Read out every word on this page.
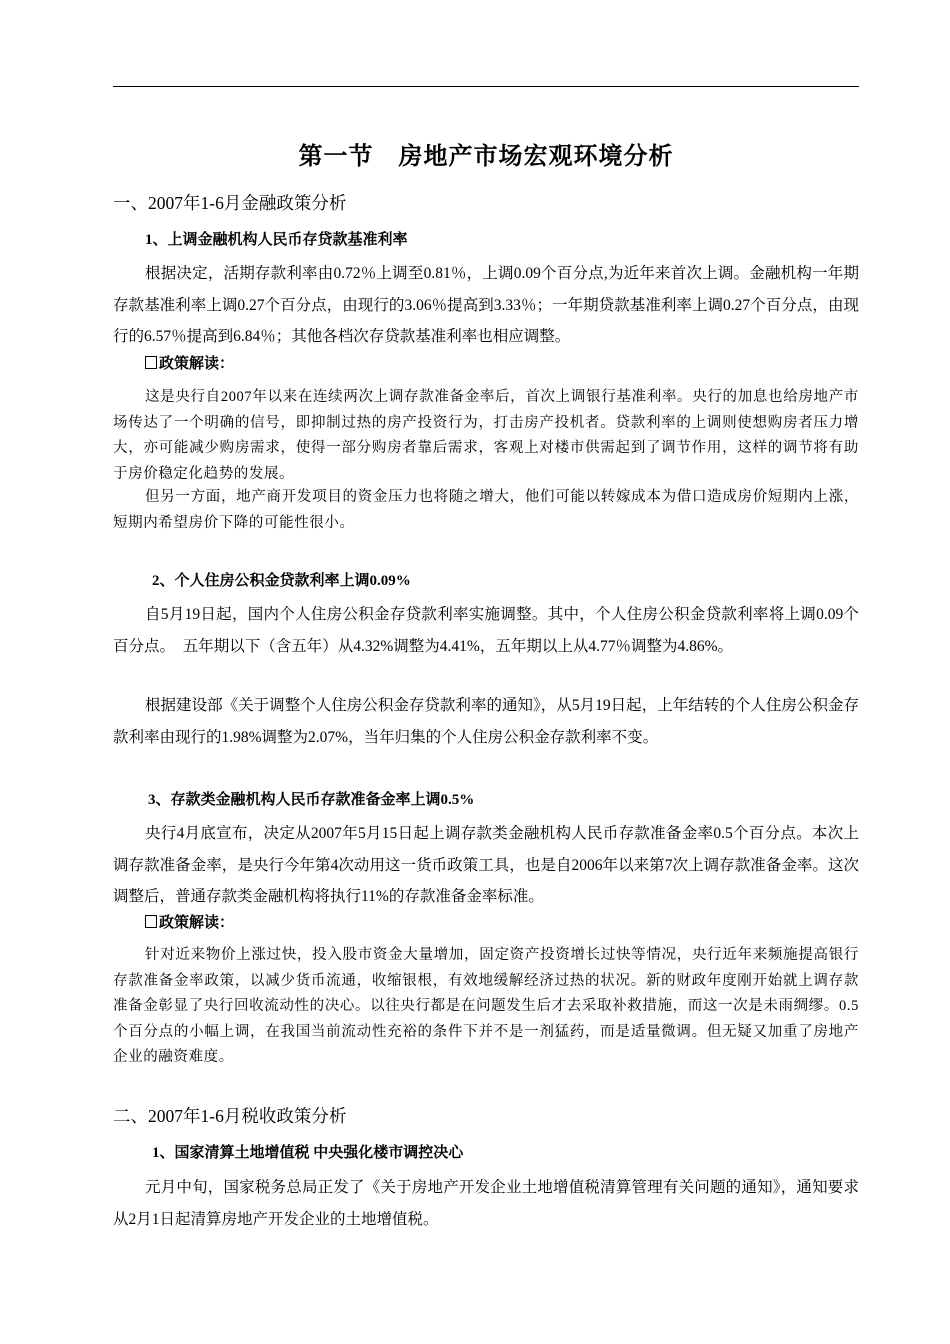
第一节　房地产市场宏观环境分析
一、2007年1-6月金融政策分析
1、上调金融机构人民币存贷款基准利率
根据决定，活期存款利率由0.72％上调至0.81％，上调0.09个百分点,为近年来首次上调。金融机构一年期存款基准利率上调0.27个百分点，由现行的3.06％提高到3.33％；一年期贷款基准利率上调0.27个百分点，由现行的6.57％提高到6.84％；其他各档次存贷款基准利率也相应调整。
政策解读：
这是央行自2007年以来在连续两次上调存款准备金率后，首次上调银行基准利率。央行的加息也给房地产市场传达了一个明确的信号，即抑制过热的房产投资行为，打击房产投机者。贷款利率的上调则使想购房者压力增大，亦可能减少购房需求，使得一部分购房者靠后需求，客观上对楼市供需起到了调节作用，这样的调节将有助于房价稳定化趋势的发展。
但另一方面，地产商开发项目的资金压力也将随之增大，他们可能以转嫁成本为借口造成房价短期内上涨，短期内希望房价下降的可能性很小。
2、个人住房公积金贷款利率上调0.09%
自5月19日起，国内个人住房公积金存贷款利率实施调整。其中，个人住房公积金贷款利率将上调0.09个百分点。　五年期以下（含五年）从4.32%调整为4.41%，五年期以上从4.77％调整为4.86%。
根据建设部《关于调整个人住房公积金存贷款利率的通知》，从5月19日起，上年结转的个人住房公积金存款利率由现行的1.98%调整为2.07%，当年归集的个人住房公积金存款利率不变。
3、存款类金融机构人民币存款准备金率上调0.5%
央行4月底宣布，决定从2007年5月15日起上调存款类金融机构人民币存款准备金率0.5个百分点。本次上调存款准备金率，是央行今年第4次动用这一货币政策工具，也是自2006年以来第7次上调存款准备金率。这次调整后，普通存款类金融机构将执行11%的存款准备金率标准。
政策解读：
针对近来物价上涨过快，投入股市资金大量增加，固定资产投资增长过快等情况，央行近年来频施提高银行存款准备金率政策，以减少货币流通，收缩银根，有效地缓解经济过热的状况。新的财政年度刚开始就上调存款准备金彰显了央行回收流动性的决心。以往央行都是在问题发生后才去采取补救措施，而这一次是未雨绸缪。0.5个百分点的小幅上调，在我国当前流动性充裕的条件下并不是一剂猛药，而是适量微调。但无疑又加重了房地产企业的融资难度。
二、2007年1-6月税收政策分析
1、国家清算土地增值税 中央强化楼市调控决心
元月中旬，国家税务总局正发了《关于房地产开发企业土地增值税清算管理有关问题的通知》，通知要求从2月1日起清算房地产开发企业的土地增值税。
